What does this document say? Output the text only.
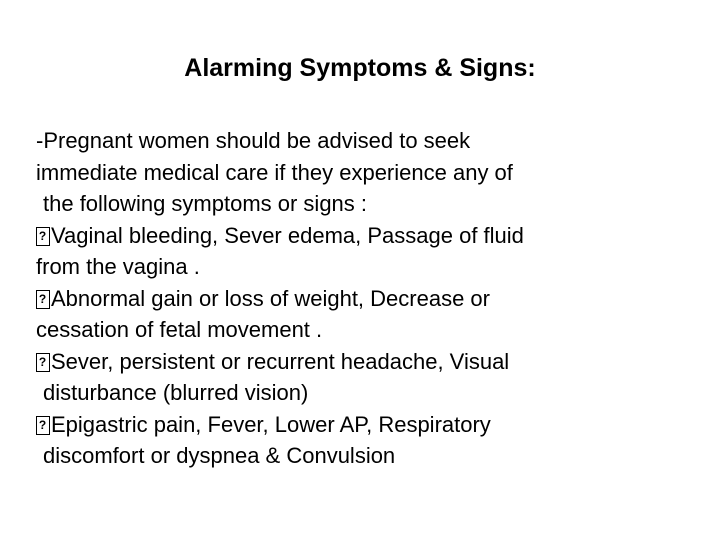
Alarming Symptoms & Signs:
-Pregnant women should be advised to seek
immediate medical care if they experience any of
the following symptoms or signs :
?Vaginal bleeding, Sever edema, Passage of fluid
from the vagina .
?Abnormal gain or loss of weight, Decrease or
cessation of fetal movement .
?Sever, persistent or recurrent headache, Visual
disturbance (blurred vision)
?Epigastric pain, Fever, Lower AP, Respiratory
discomfort or dyspnea & Convulsion
